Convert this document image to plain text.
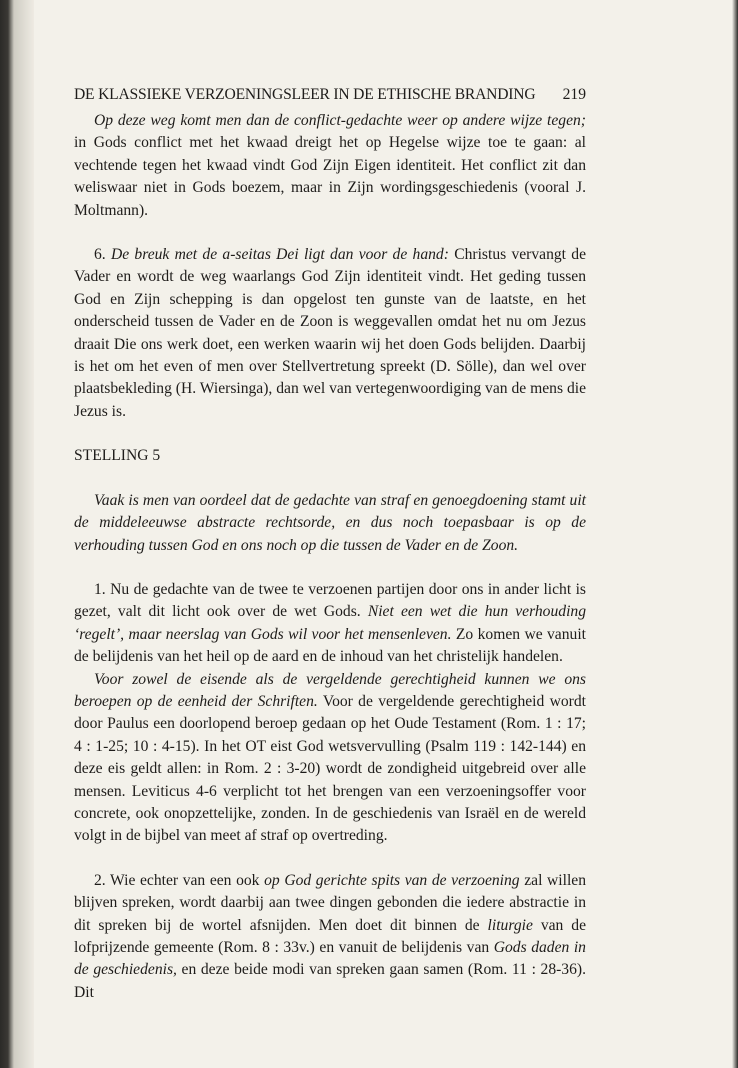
DE KLASSIEKE VERZOENINGSLEER IN DE ETHISCHE BRANDING 219

Op deze weg komt men dan de conflict-gedachte weer op andere wijze tegen; in Gods conflict met het kwaad dreigt het op Hegelse wijze toe te gaan: al vechtende tegen het kwaad vindt God Zijn Eigen identiteit. Het conflict zit dan weliswaar niet in Gods boezem, maar in Zijn wordingsgeschiedenis (vooral J. Moltmann).

6. De breuk met de a-seitas Dei ligt dan voor de hand: Christus vervangt de Vader en wordt de weg waarlangs God Zijn identiteit vindt. Het geding tussen God en Zijn schepping is dan opgelost ten gunste van de laatste, en het onderscheid tussen de Vader en de Zoon is weggevallen omdat het nu om Jezus draait Die ons werk doet, een werken waarin wij het doen Gods belijden. Daarbij is het om het even of men over Stellvertretung spreekt (D. Sölle), dan wel over plaatsbekleding (H. Wiersinga), dan wel van vertegenwoordiging van de mens die Jezus is.

STELLING 5

Vaak is men van oordeel dat de gedachte van straf en genoegdoening stamt uit de middeleeuwse abstracte rechtsorde, en dus noch toepasbaar is op de verhouding tussen God en ons noch op die tussen de Vader en de Zoon.

1. Nu de gedachte van de twee te verzoenen partijen door ons in ander licht is gezet, valt dit licht ook over de wet Gods. Niet een wet die hun verhouding ‘regelt’, maar neerslag van Gods wil voor het mensenleven. Zo komen we vanuit de belijdenis van het heil op de aard en de inhoud van het christelijk handelen.

Voor zowel de eisende als de vergeldende gerechtigheid kunnen we ons beroepen op de eenheid der Schriften. Voor de vergeldende gerechtigheid wordt door Paulus een doorlopend beroep gedaan op het Oude Testament (Rom. 1 : 17; 4 : 1-25; 10 : 4-15). In het OT eist God wetsvervulling (Psalm 119 : 142-144) en deze eis geldt allen: in Rom. 2 : 3-20) wordt de zondigheid uitgebreid over alle mensen. Leviticus 4-6 verplicht tot het brengen van een verzoeningsoffer voor concrete, ook onopzettelijke, zonden. In de geschiedenis van Israël en de wereld volgt in de bijbel van meet af straf op overtreding.

2. Wie echter van een ook op God gerichte spits van de verzoening zal willen blijven spreken, wordt daarbij aan twee dingen gebonden die iedere abstractie in dit spreken bij de wortel afsnijden. Men doet dit binnen de liturgie van de lofprijzende gemeente (Rom. 8 : 33v.) en vanuit de belijdenis van Gods daden in de geschiedenis, en deze beide modi van spreken gaan samen (Rom. 11 : 28-36). Dit
